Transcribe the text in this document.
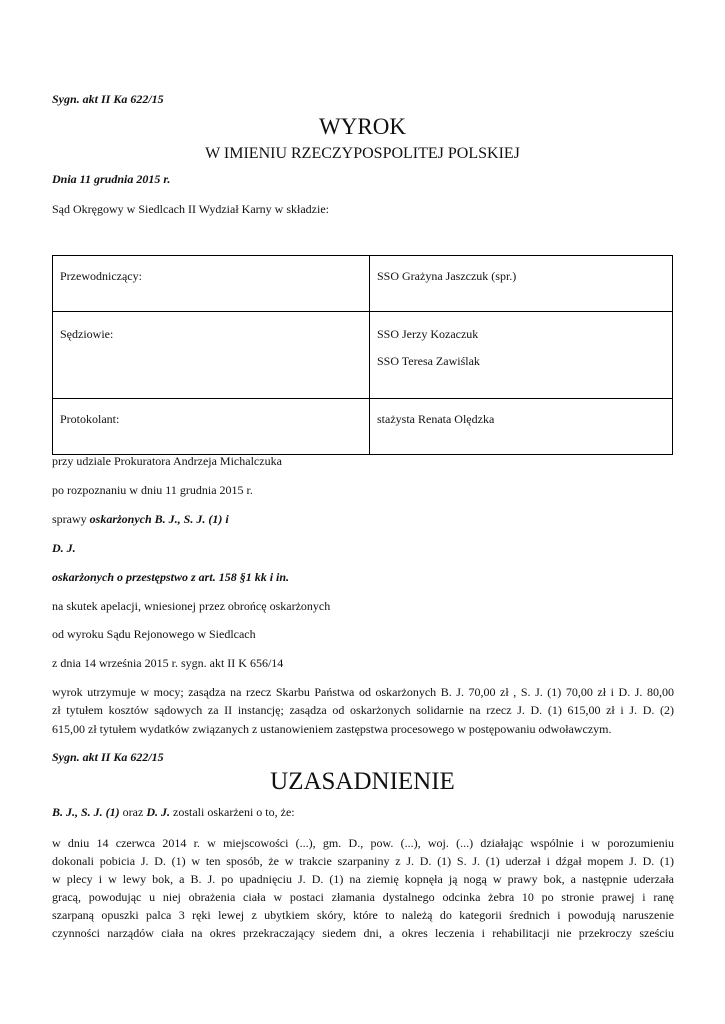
Sygn. akt II Ka 622/15
WYROK
W IMIENIU RZECZYPOSPOLITEJ POLSKIEJ
Dnia 11 grudnia 2015 r.
Sąd Okręgowy w Siedlcach II Wydział Karny w składzie:
Przewodniczący:	SSO Grażyna Jaszczuk (spr.)
Sędziowie:	SSO Jerzy Kozaczuk
SSO Teresa Zawiślak

Protokolant:	stażysta Renata Olędzka
przy udziale Prokuratora Andrzeja Michalczuka
po rozpoznaniu w dniu 11 grudnia 2015 r.
sprawy oskarżonych B. J., S. J. (1) i
D. J.
oskarżonych o przestępstwo z art. 158 §1 kk i in.
na skutek apelacji, wniesionej przez obrońcę oskarżonych
od wyroku Sądu Rejonowego w Siedlcach
z dnia 14 września 2015 r. sygn. akt II K 656/14
wyrok utrzymuje w mocy; zasądza na rzecz Skarbu Państwa od oskarżonych B. J. 70,00 zł , S. J. (1) 70,00 zł i D. J. 80,00
zł tytułem kosztów sądowych za II instancję; zasądza od oskarżonych solidarnie na rzecz J. D. (1) 615,00 zł i J. D. (2)
615,00 zł tytułem wydatków związanych z ustanowieniem zastępstwa procesowego w postępowaniu odwoławczym.
Sygn. akt II Ka 622/15
UZASADNIENIE
B. J., S. J. (1) oraz D. J. zostali oskarżeni o to, że:
w dniu 14 czerwca 2014 r. w miejscowości (...), gm. D., pow. (...), woj. (...) działając wspólnie i w porozumieniu
dokonali pobicia J. D. (1) w ten sposób, że w trakcie szarpaniny z J. D. (1) S. J. (1) uderzał i dźgał mopem J. D. (1)
w plecy i w lewy bok, a B. J. po upadnięciu J. D. (1) na ziemię kopnęła ją nogą w prawy bok, a następnie uderzała
gracą, powodując u niej obrażenia ciała w postaci złamania dystalnego odcinka żebra 10 po stronie prawej i ranę
szarpaną opuszki palca 3 ręki lewej z ubytkiem skóry, które to należą do kategorii średnich i powodują naruszenie
czynności narządów ciała na okres przekraczający siedem dni, a okres leczenia i rehabilitacji nie przekroczy sześciu
